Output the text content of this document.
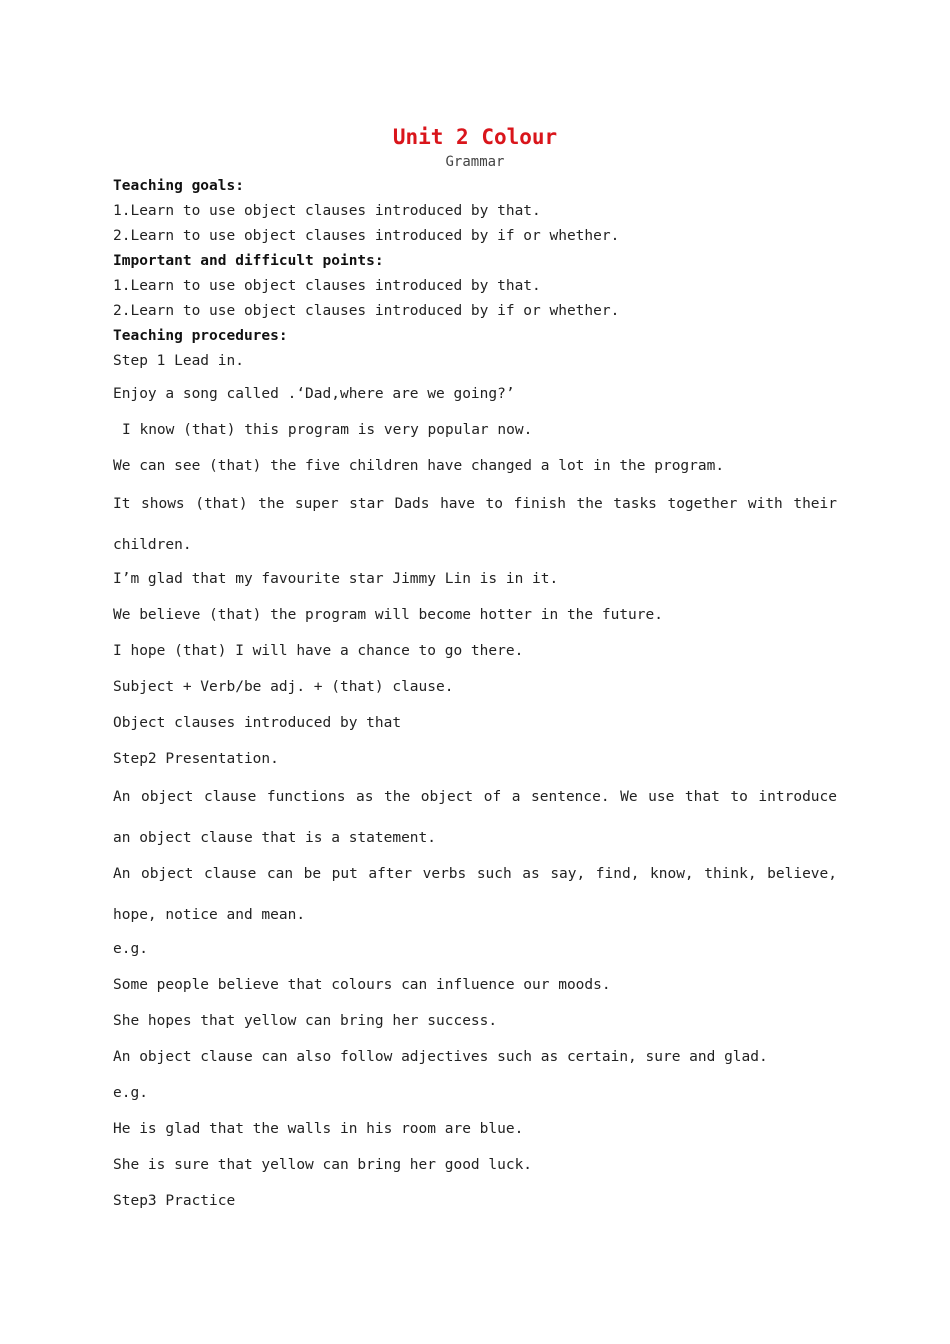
Unit 2 Colour
Grammar
Teaching goals:
1.Learn to use object clauses introduced by that.
2.Learn to use object clauses introduced by if or whether.
Important and difficult points:
1.Learn to use object clauses introduced by that.
2.Learn to use object clauses introduced by if or whether.
Teaching procedures:
Step 1 Lead in.
Enjoy a song called .‘Dad,where are we going?’
I know (that) this program is very popular now.
We can see (that) the five children have changed a lot in the program.
It shows (that) the super star Dads have to finish the tasks together with their children.
I’m glad that my favourite star Jimmy Lin is in it.
We believe (that) the program will become hotter in the future.
I hope (that) I will have a chance to go there.
Subject + Verb/be adj. + (that) clause.
Object clauses introduced by that
Step2 Presentation.
An object clause functions as the object of a sentence. We use that to introduce an object clause that is a statement.
An object clause can be put after verbs such as say, find, know, think, believe, hope, notice and mean.
e.g.
Some people believe that colours can influence our moods.
She hopes that yellow can bring her success.
An object clause can also follow adjectives such as certain, sure and glad.
e.g.
He is glad that the walls in his room are blue.
She is sure that yellow can bring her good luck.
Step3 Practice
